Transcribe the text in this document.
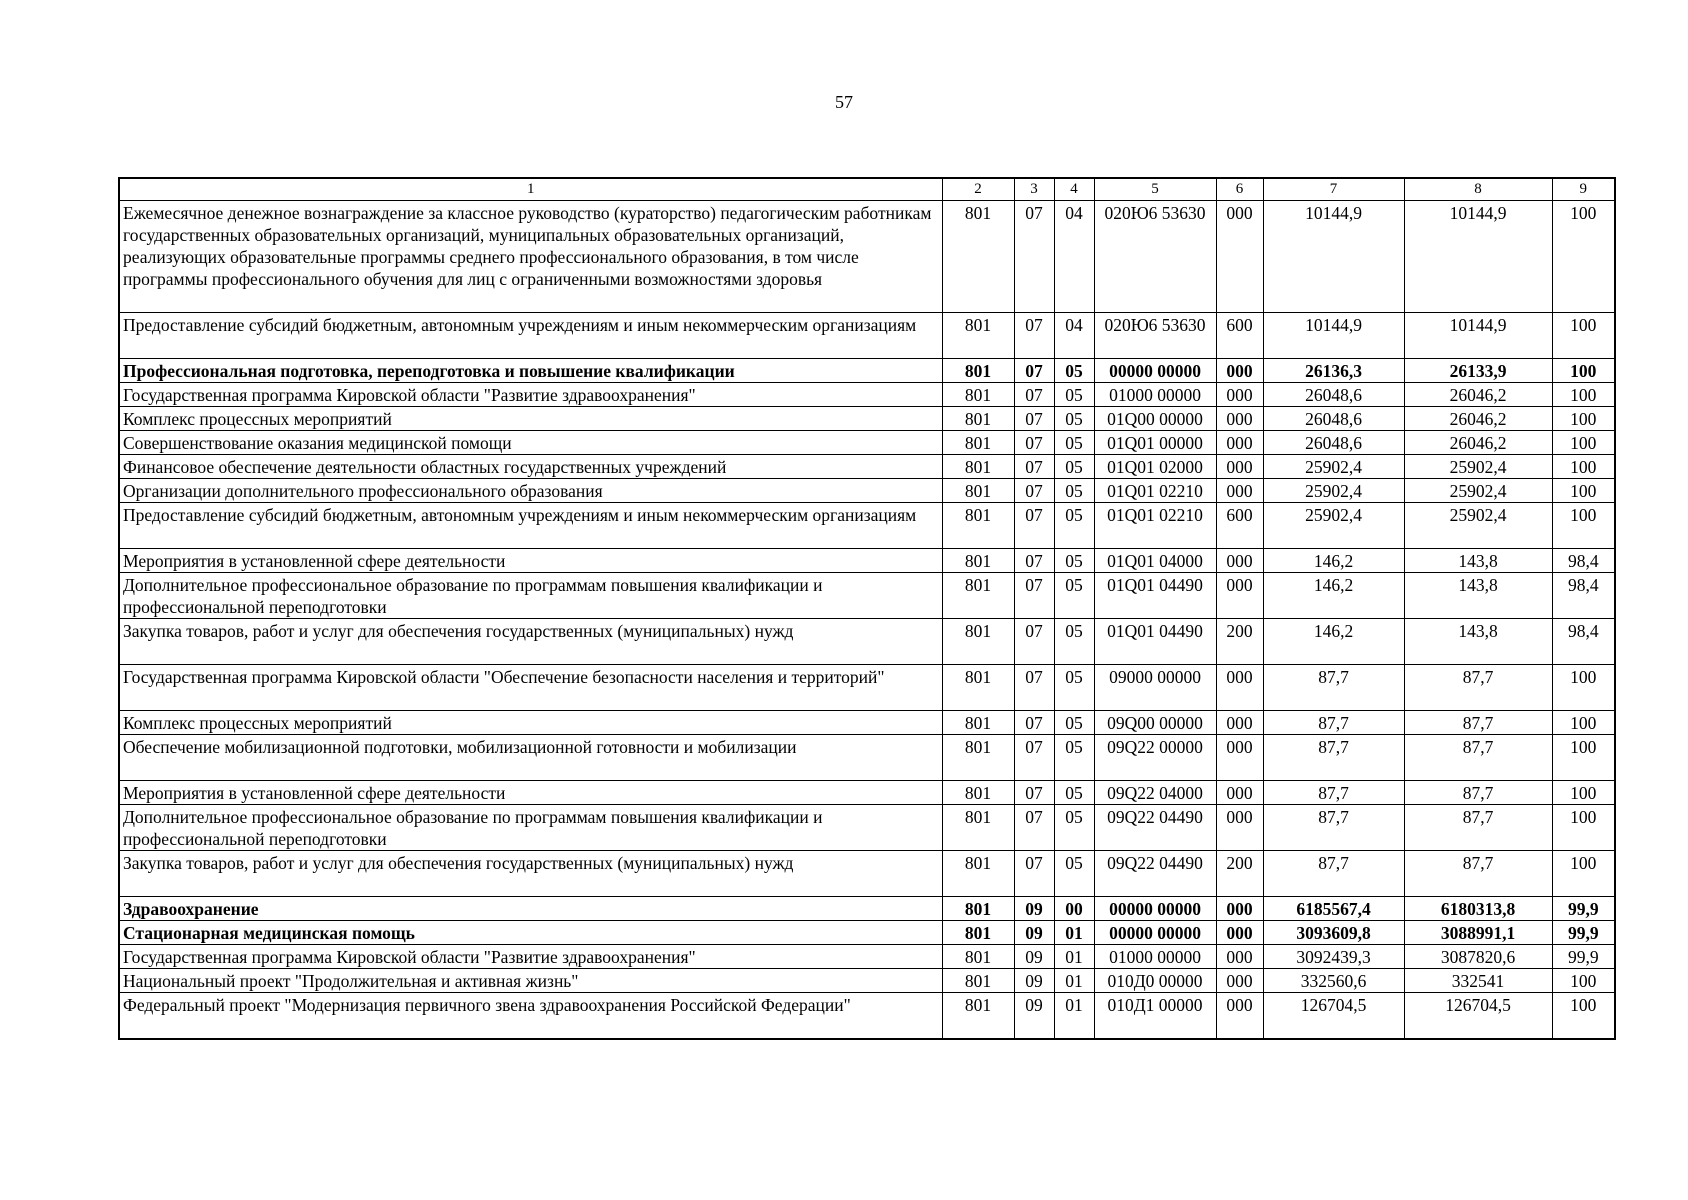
57
1	2	3	4	5	6	7	8	9
Ежемесячное денежное вознаграждение за классное руководство (кураторство) педагогическим работникам государственных образовательных организаций, муниципальных образовательных организаций, реализующих образовательные программы среднего профессионального образования, в том числе программы профессионального обучения для лиц с ограниченными возможностями здоровья	801	07	04	020Ю6 53630	000	10144,9	10144,9	100
Предоставление субсидий бюджетным, автономным учреждениям и иным некоммерческим организациям	801	07	04	020Ю6 53630	600	10144,9	10144,9	100
Профессиональная подготовка, переподготовка и повышение квалификации	801	07	05	00000 00000	000	26136,3	26133,9	100
Государственная программа Кировской области "Развитие здравоохранения"	801	07	05	01000 00000	000	26048,6	26046,2	100
Комплекс процессных мероприятий	801	07	05	01Q00 00000	000	26048,6	26046,2	100
Совершенствование оказания медицинской помощи	801	07	05	01Q01 00000	000	26048,6	26046,2	100
Финансовое обеспечение деятельности областных государственных учреждений	801	07	05	01Q01 02000	000	25902,4	25902,4	100
Организации дополнительного профессионального образования	801	07	05	01Q01 02210	000	25902,4	25902,4	100
Предоставление субсидий бюджетным, автономным учреждениям и иным некоммерческим организациям	801	07	05	01Q01 02210	600	25902,4	25902,4	100
Мероприятия в установленной сфере деятельности	801	07	05	01Q01 04000	000	146,2	143,8	98,4
Дополнительное профессиональное образование по программам повышения квалификации и профессиональной переподготовки	801	07	05	01Q01 04490	000	146,2	143,8	98,4
Закупка товаров, работ и услуг для обеспечения государственных (муниципальных) нужд	801	07	05	01Q01 04490	200	146,2	143,8	98,4
Государственная программа Кировской области "Обеспечение безопасности населения и территорий"	801	07	05	09000 00000	000	87,7	87,7	100
Комплекс процессных мероприятий	801	07	05	09Q00 00000	000	87,7	87,7	100
Обеспечение мобилизационной подготовки, мобилизационной готовности и мобилизации	801	07	05	09Q22 00000	000	87,7	87,7	100
Мероприятия в установленной сфере деятельности	801	07	05	09Q22 04000	000	87,7	87,7	100
Дополнительное профессиональное образование по программам повышения квалификации и профессиональной переподготовки	801	07	05	09Q22 04490	000	87,7	87,7	100
Закупка товаров, работ и услуг для обеспечения государственных (муниципальных) нужд	801	07	05	09Q22 04490	200	87,7	87,7	100
Здравоохранение	801	09	00	00000 00000	000	6185567,4	6180313,8	99,9
Стационарная медицинская помощь	801	09	01	00000 00000	000	3093609,8	3088991,1	99,9
Государственная программа Кировской области "Развитие здравоохранения"	801	09	01	01000 00000	000	3092439,3	3087820,6	99,9
Национальный проект "Продолжительная и активная жизнь"	801	09	01	010Д0 00000	000	332560,6	332541	100
Федеральный проект "Модернизация первичного звена здравоохранения Российской Федерации"	801	09	01	010Д1 00000	000	126704,5	126704,5	100
